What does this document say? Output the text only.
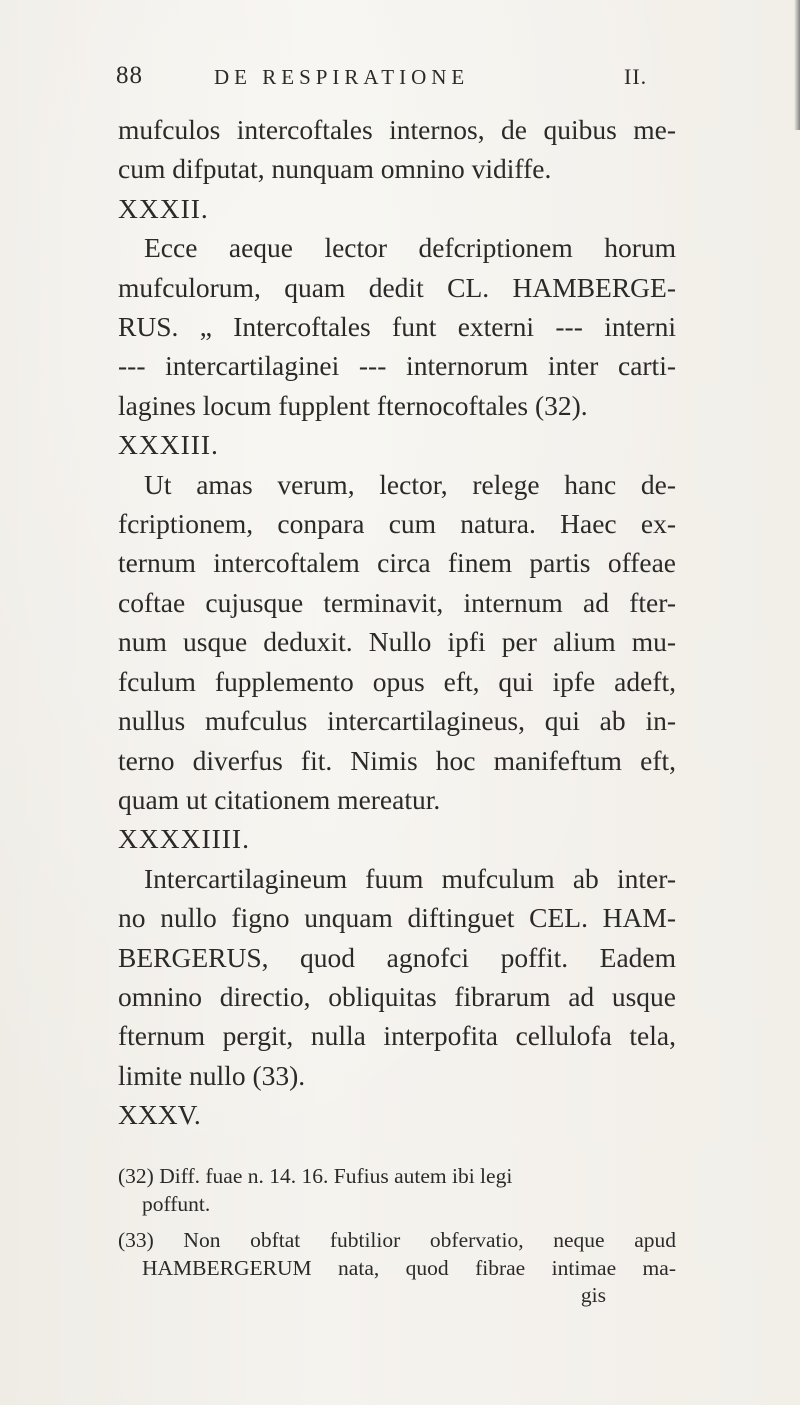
88	DE RESPIRATIONE	II.

mufculos intercoftales internos, de quibus me-

cum difputat, nunquam omnino vidiffe.

XXXII.

Ecce aeque lector defcriptionem horum

mufculorum, quam dedit CL. HAMBERGE-

RUS. „ Intercoftales funt externi --- interni

--- intercartilaginei --- internorum inter carti-

lagines locum fupplent fternocoftales (32).

XXXIII.

Ut amas verum, lector, relege hanc de-

fcriptionem, conpara cum natura. Haec ex-

ternum intercoftalem circa finem partis offeae

coftae cujusque terminavit, internum ad fter-

num usque deduxit. Nullo ipfi per alium mu-

fculum fupplemento opus eft, qui ipfe adeft,

nullus mufculus intercartilagineus, qui ab in-

terno diverfus fit. Nimis hoc manifeftum eft,

quam ut citationem mereatur.

XXXXIIII.

Intercartilagineum fuum mufculum ab inter-

no nullo figno unquam diftinguet CEL. HAM-

BERGERUS, quod agnofci poffit. Eadem

omnino directio, obliquitas fibrarum ad usque

fternum pergit, nulla interpofita cellulofa tela,

limite nullo (33).

XXXV.

(32) Diff. fuae n. 14. 16. Fufius autem ibi legi

poffunt.

(33) Non obftat fubtilior obfervatio, neque apud

HAMBERGERUM nata, quod fibrae intimae ma-

gis
